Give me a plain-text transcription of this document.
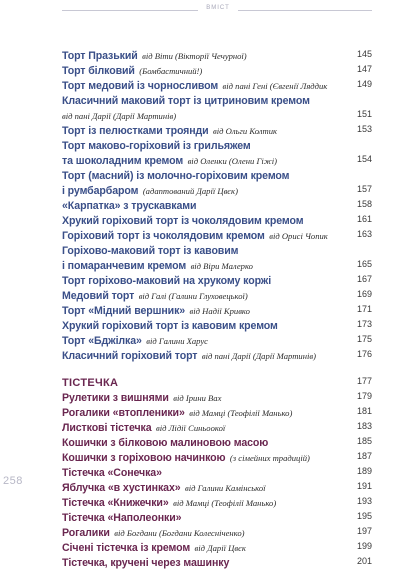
ВМІСТ
Торт Празький від Віти (Вікторії Чечурної)	145
Торт білковий (Бомбастичний!)	147
Торт медовий із чорносливом від пані Гені (Євгенії Ляддик	149
Класичний маковий торт із цитриновим кремом
від пані Дарії (Дарії Мартинів)	151
Торт із пелюстками троянди від Ольги Колтик	153
Торт маково-горіховий із грильяжем
та шоколадним кремом від Оленки (Олени Гіжі)	154
Торт (масний) із молочно-горіховим кремом
і румбарбаром (адаптований Дарії Цвєк)	157
«Карпатка» з трускавками	158
Хрукий горіховий торт із чоколядовим кремом	161
Горіховий торт із чоколядовим кремом від Орисі Чопик	163
Горіхово-маковий торт із кавовим
і помаранчевим кремом від Віри Малерко	165
Торт горіхово-маковий на хрукому коржі	167
Медовий торт від Галі (Галини Глуховецької)	169
Торт «Мідний вершник» від Надії Кривко	171
Хрукий горіховий торт із кавовим кремом	173
Торт «Бджілка» від Галини Харус	175
Класичний горіховий торт від пані Дарії (Дарії Мартинів)	176
ТІСТЕЧКА	177
Рулетики з вишнями від Ірини Вах	179
Рогалики «втопленики» від Мамці (Теофілії Манько)	181
Листкові тістечка від Лідії Синьоокої	183
Кошички з білковою малиновою масою	185
Кошички з горіховою начинкою (з сімейних традицій)	187
Тістечка «Сонечка»	189
Яблучка «в хустинках» від Галини Камінської	191
Тістечка «Книжечки» від Мамці (Теофілії Манько)	193
Тістечка «Наполеонки»	195
Рогалики від Богдани (Богдани Колесніченко)	197
Січені тістечка із кремом від Дарії Цвєк	199
Тістечка, кручені через машинку	201
258
